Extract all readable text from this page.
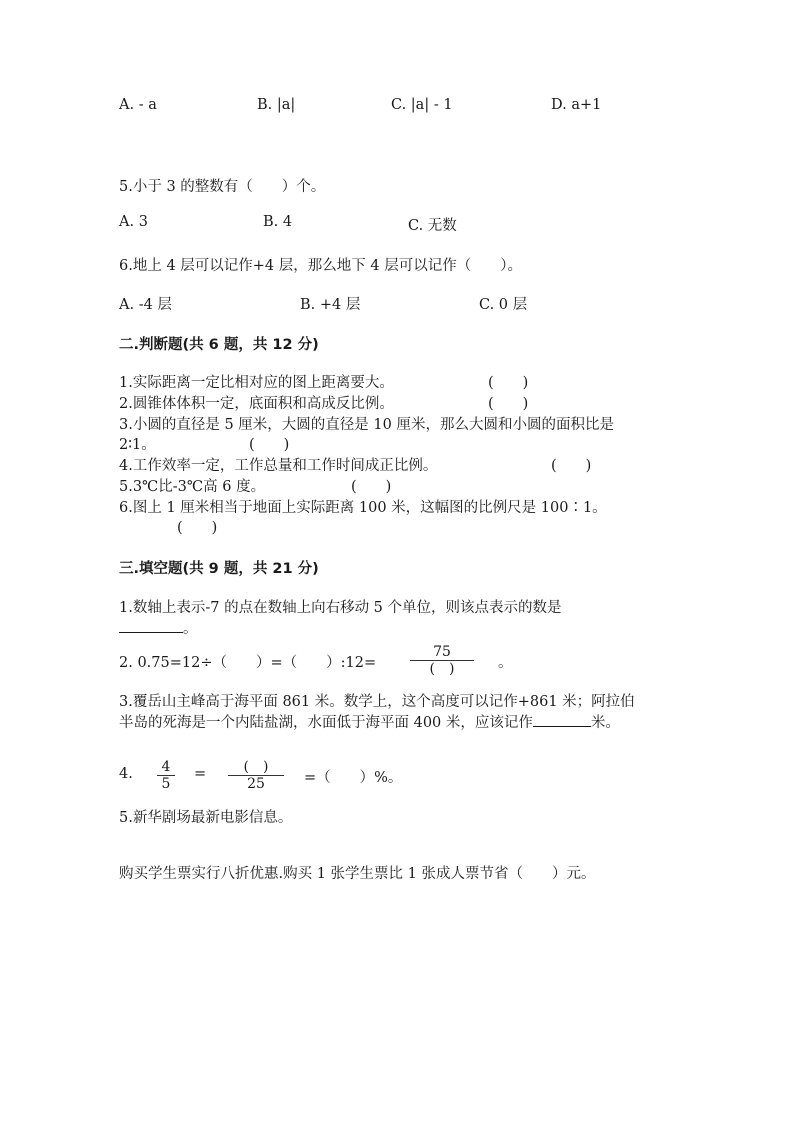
A. - a	B. |a|	C. |a| - 1	D. a+1
5.小于 3 的整数有（　　）个。
A. 3	B. 4	C. 无数
6.地上 4 层可以记作+4 层，那么地下 4 层可以记作（　　）。
A. -4 层	B. +4 层	C. 0 层
二.判断题(共 6 题，共 12 分)
1.实际距离一定比相对应的图上距离要大。	(　　)
2.圆锥体体积一定，底面积和高成反比例。	(　　)
3.小圆的直径是 5 厘米，大圆的直径是 10 厘米，那么大圆和小圆的面积比是
2∶1。	(　　)
4.工作效率一定，工作总量和工作时间成正比例。	(　　)
5.3℃比-3℃高 6 度。	(　　)
6.图上 1 厘米相当于地面上实际距离 100 米，这幅图的比例尺是 100∶1。
(　　)
三.填空题(共 9 题，共 21 分)
1.数轴上表示-7 的点在数轴上向右移动 5 个单位，则该点表示的数是
。
2. 0.75=12÷（　　）=（　　）:12=
75
(　)	。
3.覆岳山主峰高于海平面 861 米。数学上，这个高度可以记作+861 米；阿拉伯
半岛的死海是一个内陆盐湖，水面低于海平面 400 米，应该记作	米。
4.	4
5
=	(　)
25	=（　　）%。
5.新华剧场最新电影信息。
购买学生票实行八折优惠.购买 1 张学生票比 1 张成人票节省（　　）元。
